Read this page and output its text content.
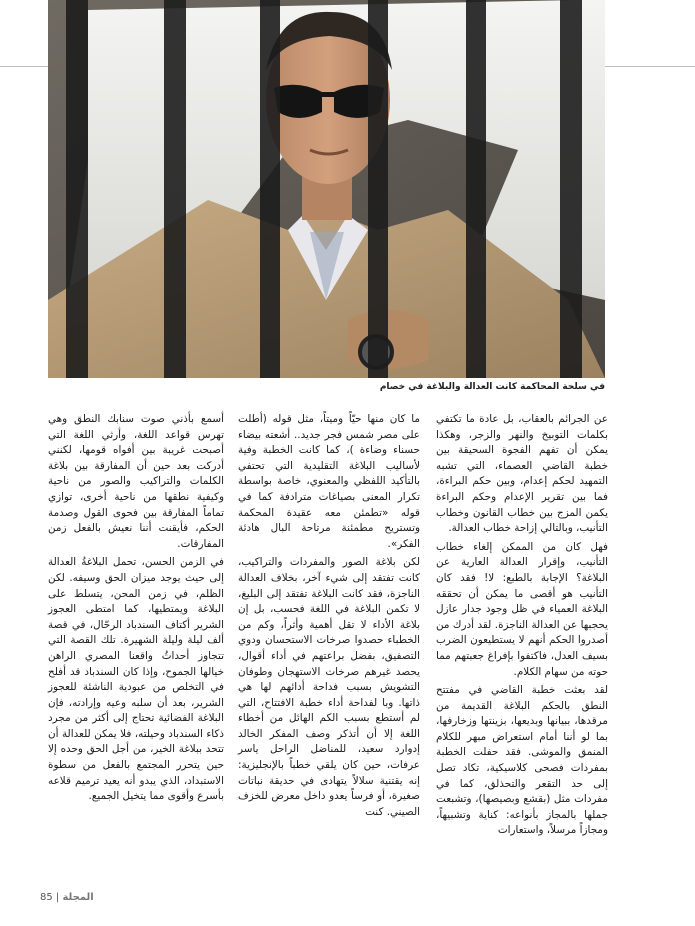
في سلحة المحاكمة كانت العدالة والبلاغة في خصام

عن الجرائم بالعقاب، بل عادة ما تكتفي بكلمات التوبيخ والنهر والزجر، وهكذا يمكن أن تفهم الفجوة السحيقة بين خطبة القاضي العصماء، التي تشبه التمهيد لحكم إعدام، وبين حكم البراءة، فما بين تقرير الإعدام وحكم البراءة يكمن المزج بين خطاب القانون وخطاب التأنيب، وبالتالي إزاحة خطاب العدالة.

فهل كان من الممكن إلغاء خطاب التأنيب، وإقرار العدالة العارية عن البلاغة؟ الإجابة بالطبع: لا! فقد كان التأنيب هو أقصى ما يمكن أن تحققه البلاغة العمياء في ظل وجود جدار عازل يحجبها عن العدالة الناجزة. لقد أدرك من أصدروا الحكم أنهم لا يستطيعون الضرب بسيف العدل، فاكتفوا بإفراغ جعبتهم مما حوته من سهام الكلام.

لقد بعثت خطبة القاضي في مفتتح النطق بالحكم البلاغة القديمة من مرقدها، ببيانها وبديعها، بزينتها وزخارفها، بما لو أننا أمام استعراض مبهر للكلام المنمق والموشى. فقد حفلت الخطبة بمفردات فصحى كلاسيكية، تكاد تصل إلى حد التقعر والتحذلق، كما في مفردات مثل (بقشع وبصيصها)، وتشبعت جملها بالمجاز بأنواعه: كناية وتشبيهاً، ومجازاً مرسلاً، واستعارات

ما كان منها حيّاً وميتاً، مثل قوله (أطلت على مصر شمس فجر جديد.. أشعته بيضاء حسناء وضاءة )، كما كانت الخطبة وفية لأساليب البلاغة التقليدية التي تحتفي بالتأكيد اللفظي والمعنوي، خاصة بواسطة تكرار المعنى بصياغات مترادفة كما في قوله «تطمئن معه عقيدة المحكمة وتستريح مطمئنة مرتاحة البال هادئة الفكر».

لكن بلاغة الصور والمفردات والتراكيب، كانت تفتقد إلى شيء آخر، بخلاف العدالة الناجزة، فقد كانت البلاغة تفتقد إلى البليغ، لا تكمن البلاغة في اللغة فحسب، بل إن بلاغة الأداء لا تقل أهمية وأثراً، وكم من الخطباء حصدوا صرخات الاستحسان ودوي التصفيق، بفضل براعتهم في أداء أقوال، يحصد غيرهم صرخات الاستهجان وطوفان التشويش بسبب فداحة أدائهم لها هي ذاتها. وبا لفداحة أداء خطبة الافتتاح، التي لم أستطع بسبب الكم الهائل من أخطاء اللغة إلا أن أتذكر وصف المفكر الخالد إدوارد سعيد، للمناضل الراحل ياسر عرفات، حين كان يلقي خطباً بالإنجليزية: إنه يقتنية سلالاً يتهادى في حديقة نباتات صغيرة، أو فرساً يعدو داخل معرض للخزف الصيني. كنت

أسمع بأذني صوت سنابك النطق وهي تهرس قواعد اللغة، وأرثي اللغة التي أصبحت غريبة بين أفواه قومها، لكنني أدركت بعد حين أن المفارقة بين بلاغة الكلمات والتراكيب والصور من ناحية وكيفية نطقها من ناحية أخرى، توازي تماماً المفارقة بين فحوى القول وصدمة الحكم، فأيقنت أننا نعيش بالفعل زمن المفارقات.

في الزمن الحسن، تحمل البلاغةُ العدالة إلى حيث يوجد ميزان الحق وسيفه. لكن الظلم، في زمن المحن، يتسلط على البلاغة ويمتطيها، كما امتطى العجوز الشرير أكتاف السندباد الرحّال، في قصة ألف ليلة وليلة الشهيرة. تلك القصة التي تتجاوز أحداثُ واقعنا المصري الراهن خيالها الجموح، وإذا كان السندباد قد أفلح في التخلص من عبودية الناشئة للعجوز الشرير، بعد أن سلبه وعيه وإرادته، فإن البلاغة الفضائية تحتاج إلى أكثر من مجرد ذكاء السندباد وحيلته، فلا يمكن للعدالة أن تتحد ببلاغة الخير، من أجل الحق وحده إلا حين يتحرر المجتمع بالفعل من سطوة الاستبداد، الذي يبدو أنه يعيد ترميم قلاعه بأسرع وأقوى مما يتخيل الجميع.

85 | المجلة
